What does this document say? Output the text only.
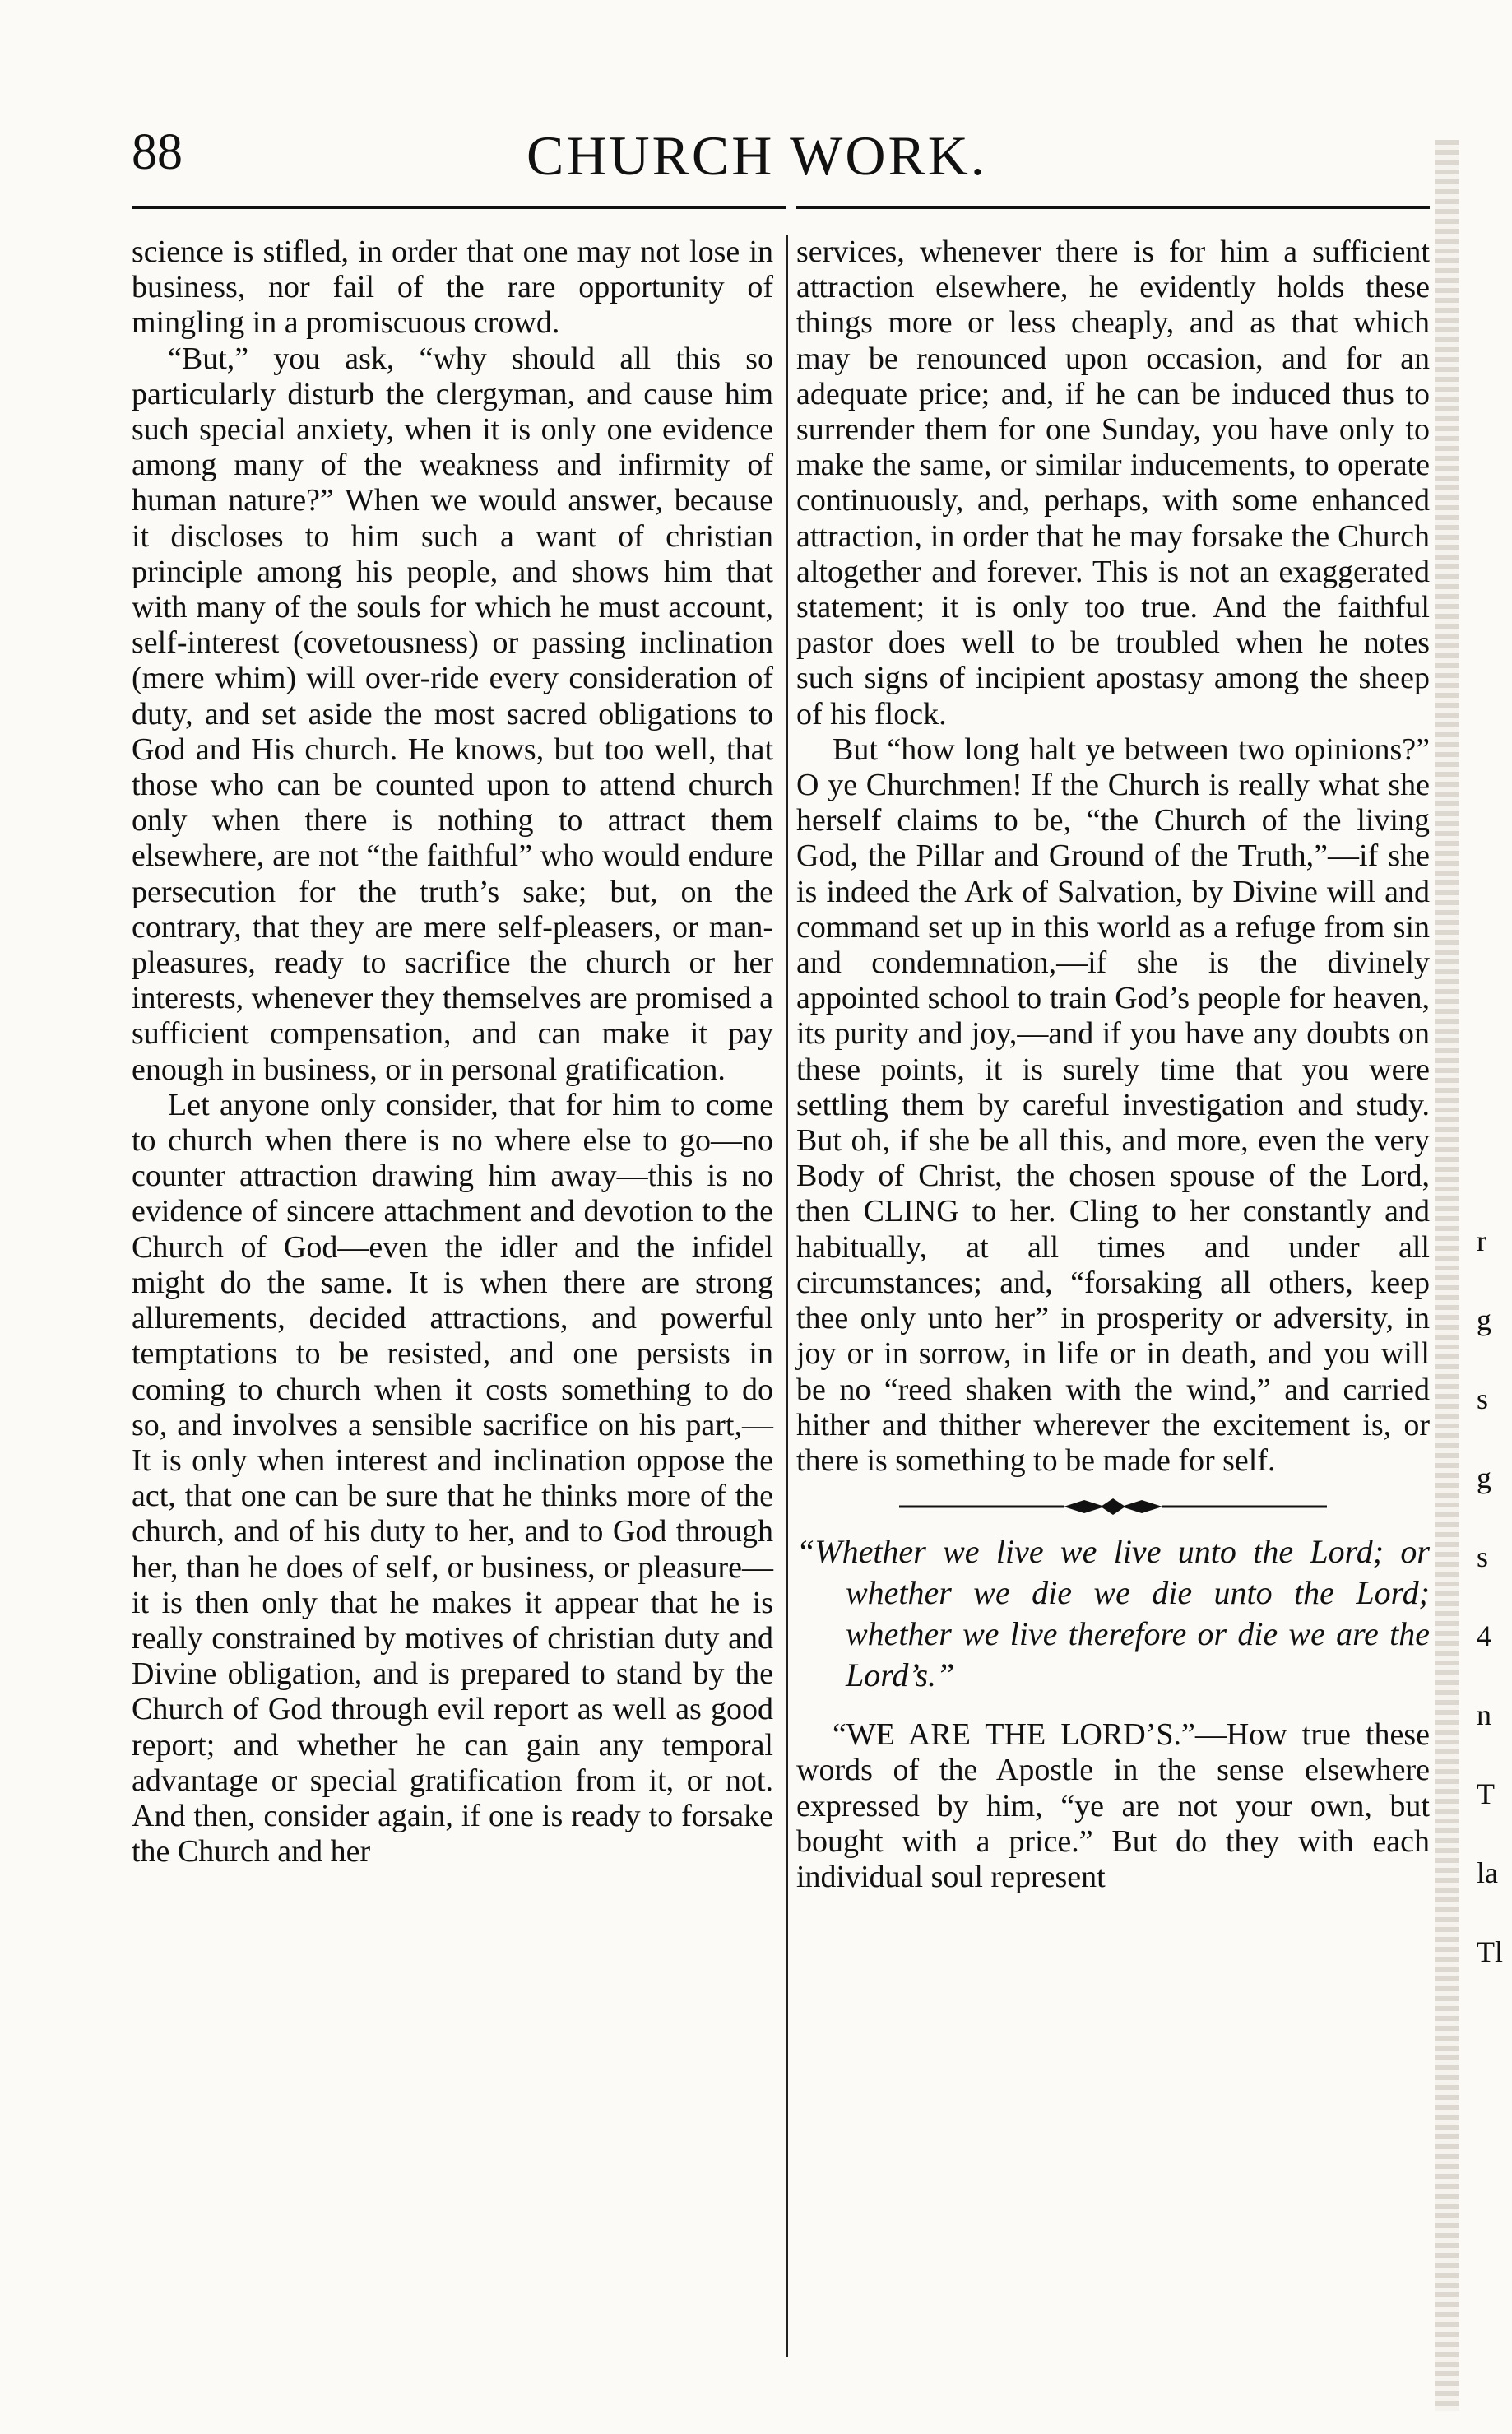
88	CHURCH WORK.

science is stifled, in order that one may not lose in business, nor fail of the rare opportunity of mingling in a promiscuous crowd.

“But,” you ask, “why should all this so particularly disturb the clergyman, and cause him such special anxiety, when it is only one evidence among many of the weakness and infirmity of human nature?” When we would answer, because it discloses to him such a want of christian principle among his people, and shows him that with many of the souls for which he must account, self-interest (covetousness) or passing inclination (mere whim) will over-ride every consideration of duty, and set aside the most sacred obligations to God and His church. He knows, but too well, that those who can be counted upon to attend church only when there is nothing to attract them elsewhere, are not “the faithful” who would endure persecution for the truth’s sake; but, on the contrary, that they are mere self-pleasers, or man-pleasures, ready to sacrifice the church or her interests, whenever they themselves are promised a sufficient compensation, and can make it pay enough in business, or in personal gratification.

Let anyone only consider, that for him to come to church when there is no where else to go—no counter attraction drawing him away—this is no evidence of sincere attachment and devotion to the Church of God—even the idler and the infidel might do the same. It is when there are strong allurements, decided attractions, and powerful temptations to be resisted, and one persists in coming to church when it costs something to do so, and involves a sensible sacrifice on his part,—It is only when interest and inclination oppose the act, that one can be sure that he thinks more of the church, and of his duty to her, and to God through her, than he does of self, or business, or pleasure—it is then only that he makes it appear that he is really constrained by motives of christian duty and Divine obligation, and is prepared to stand by the Church of God through evil report as well as good report; and whether he can gain any temporal advantage or special gratification from it, or not. And then, consider again, if one is ready to forsake the Church and her

services, whenever there is for him a sufficient attraction elsewhere, he evidently holds these things more or less cheaply, and as that which may be renounced upon occasion, and for an adequate price; and, if he can be induced thus to surrender them for one Sunday, you have only to make the same, or similar inducements, to operate continuously, and, perhaps, with some enhanced attraction, in order that he may forsake the Church altogether and forever. This is not an exaggerated statement; it is only too true. And the faithful pastor does well to be troubled when he notes such signs of incipient apostasy among the sheep of his flock.

But “how long halt ye between two opinions?” O ye Churchmen! If the Church is really what she herself claims to be, “the Church of the living God, the Pillar and Ground of the Truth,”—if she is indeed the Ark of Salvation, by Divine will and command set up in this world as a refuge from sin and condemnation,—if she is the divinely appointed school to train God’s people for heaven, its purity and joy,—and if you have any doubts on these points, it is surely time that you were settling them by careful investigation and study. But oh, if she be all this, and more, even the very Body of Christ, the chosen spouse of the Lord, then CLING to her. Cling to her constantly and habitually, at all times and under all circumstances; and, “forsaking all others, keep thee only unto her” in prosperity or adversity, in joy or in sorrow, in life or in death, and you will be no “reed shaken with the wind,” and carried hither and thither wherever the excitement is, or there is something to be made for self.

“Whether we live we live unto the Lord; or whether we die we die unto the Lord; whether we live therefore or die we are the Lord’s.”

“WE ARE THE LORD’S.”—How true these words of the Apostle in the sense elsewhere expressed by him, “ye are not your own, but bought with a price.” But do they with each individual soul represent

r
g
s
g
s
4
n
T
la
Tl
